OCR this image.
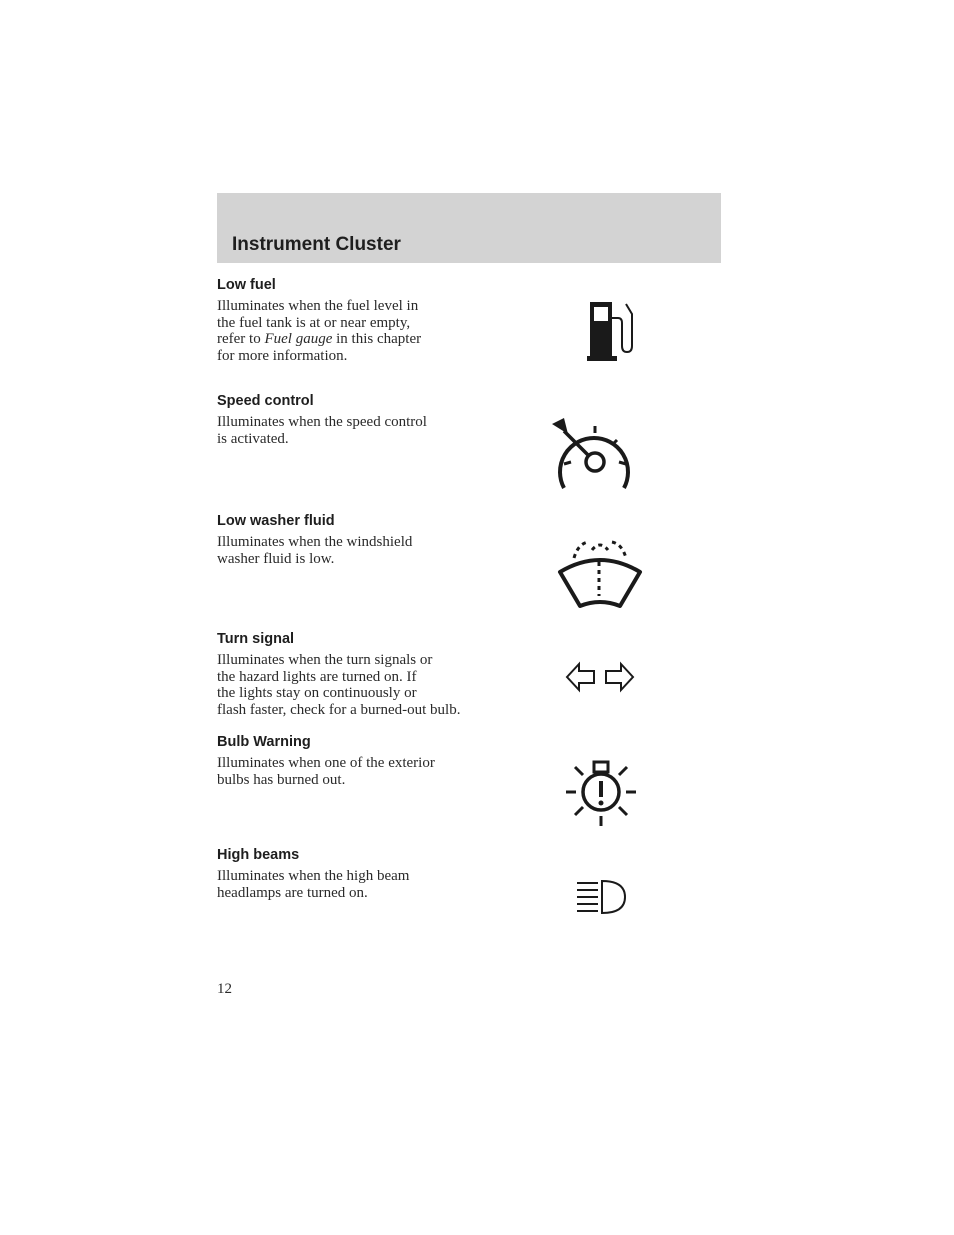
Instrument Cluster
Low fuel
Illuminates when the fuel level in
the fuel tank is at or near empty,
refer to Fuel gauge in this chapter
for more information.
Speed control
Illuminates when the speed control
is activated.
Low washer fluid
Illuminates when the windshield
washer fluid is low.
Turn signal
Illuminates when the turn signals or
the hazard lights are turned on. If
the lights stay on continuously or
flash faster, check for a burned-out bulb.
Bulb Warning
Illuminates when one of the exterior
bulbs has burned out.
High beams
Illuminates when the high beam
headlamps are turned on.
12
